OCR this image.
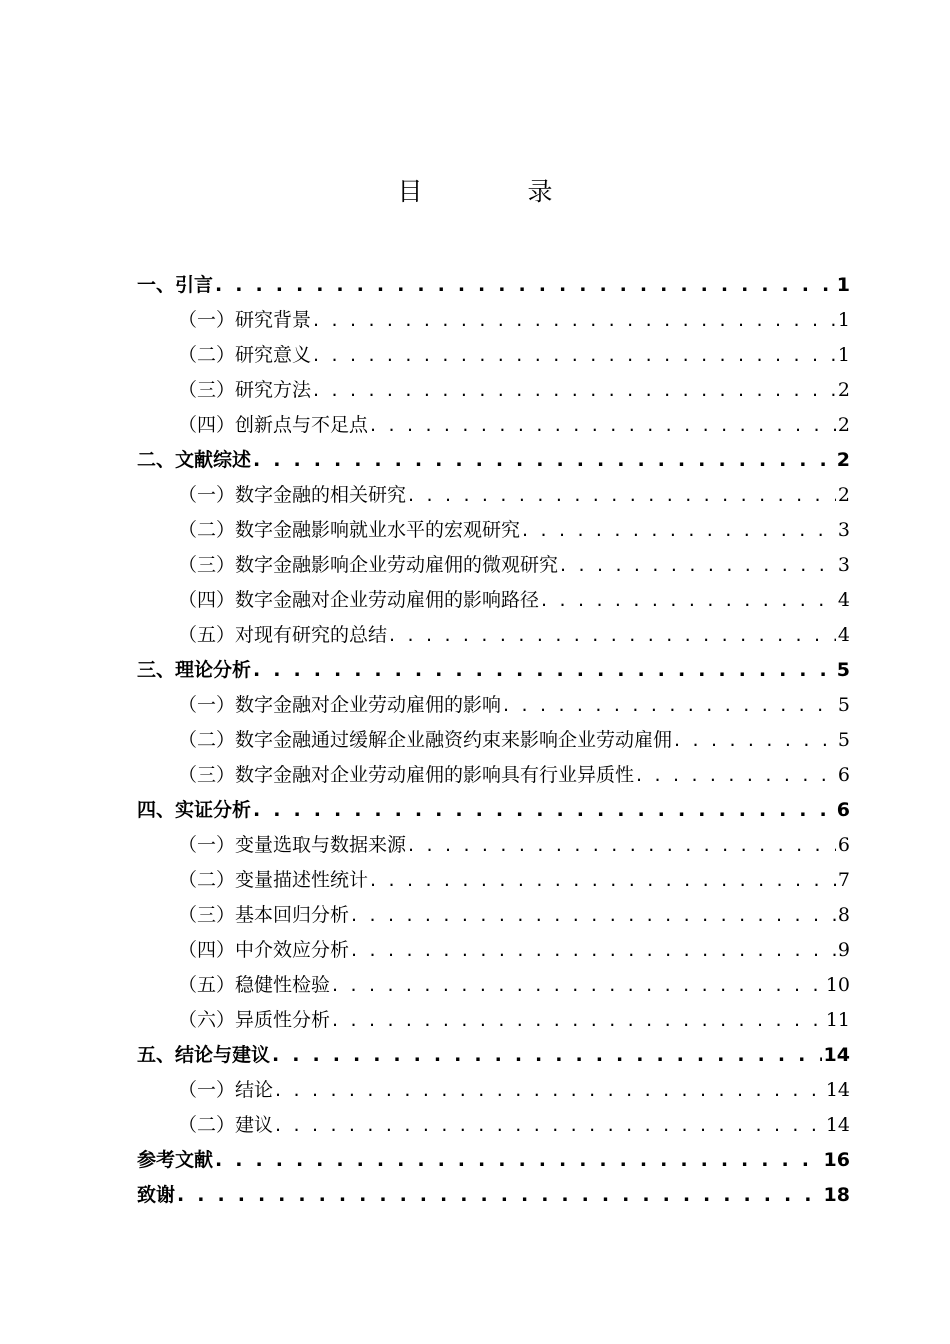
目　录
一、 引言 . . .	1
（一）研究背景 . . .	1
（二）研究意义 . . .	1
（三）研究方法 . . .	2
（四）创新点与不足点 . . .	2
二、 文献综述 . . .	2
（一）数字金融的相关研究 . . .	2
（二）数字金融影响就业水平的宏观研究 . . .	3
（三）数字金融影响企业劳动雇佣的微观研究 . . .	3
（四）数字金融对企业劳动雇佣的影响路径 . . .	4
（五）对现有研究的总结 . . .	4
三、 理论分析 . . .	5
（一）数字金融对企业劳动雇佣的影响 . . .	5
（二）数字金融通过缓解企业融资约束来影响企业劳动雇佣 . . .	5
（三）数字金融对企业劳动雇佣的影响具有行业异质性 . . .	6
四、 实证分析 . . .	6
（一）变量选取与数据来源 . . .	6
（二）变量描述性统计 . . .	7
（三）基本回归分析 . . .	8
（四）中介效应分析 . . .	9
（五）稳健性检验 . . .	10
（六）异质性分析 . . .	11
五、 结论与建议 . . .	14
（一）结论 . . .	14
（二）建议 . . .	14
参考文献 . . .	16
致谢 . . .	18
